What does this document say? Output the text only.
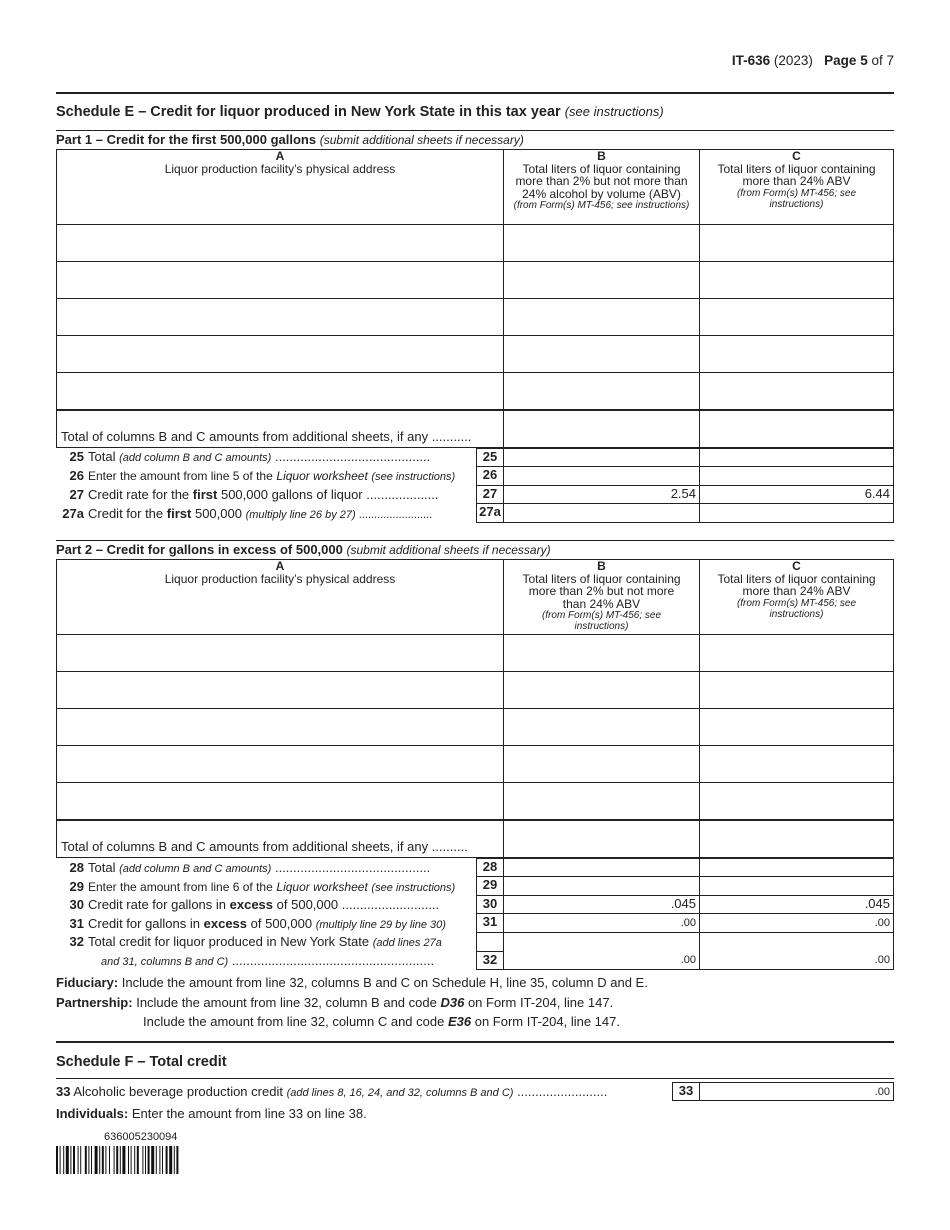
IT-636 (2023) Page 5 of 7
Schedule E – Credit for liquor produced in New York State in this tax year (see instructions)
Part 1 – Credit for the first 500,000 gallons (submit additional sheets if necessary)
A
Liquor production facility’s physical address
B
Total liters of liquor containing more than 2% but not more than 24% alcohol by volume (ABV)
(from Form(s) MT-456; see instructions)
C
Total liters of liquor containing more than 24% ABV
(from Form(s) MT-456; see instructions)
Total of columns B and C amounts from additional sheets, if any ...........
25 Total (add column B and C amounts) ...........................................	25
26 Enter the amount from line 5 of the Liquor worksheet (see instructions)	26
27 Credit rate for the first 500,000 gallons of liquor ....................	27	2.54	6.44
27a Credit for the first 500,000 (multiply line 26 by 27) ........................	27a
Part 2 – Credit for gallons in excess of 500,000 (submit additional sheets if necessary)
A
Liquor production facility’s physical address
B
Total liters of liquor containing more than 2% but not more than 24% ABV
(from Form(s) MT-456; see instructions)
C
Total liters of liquor containing more than 24% ABV
(from Form(s) MT-456; see instructions)
Total of columns B and C amounts from additional sheets, if any ..........
28 Total (add column B and C amounts) ...........................................	28
29 Enter the amount from line 6 of the Liquor worksheet (see instructions)	29
30 Credit rate for gallons in excess of 500,000 ...........................	30	.045	.045
31 Credit for gallons in excess of 500,000 (multiply line 29 by line 30)	31	.00	.00
32 Total credit for liquor produced in New York State (add lines 27a
and 31, columns B and C) ........................................................	32	.00	.00
Fiduciary: Include the amount from line 32, columns B and C on Schedule H, line 35, column D and E.
Partnership: Include the amount from line 32, column B and code D36 on Form IT-204, line 147.
Include the amount from line 32, column C and code E36 on Form IT-204, line 147.
Schedule F – Total credit
33 Alcoholic beverage production credit (add lines 8, 16, 24, and 32, columns B and C) .........................	33	.00
Individuals: Enter the amount from line 33 on line 38.
636005230094
